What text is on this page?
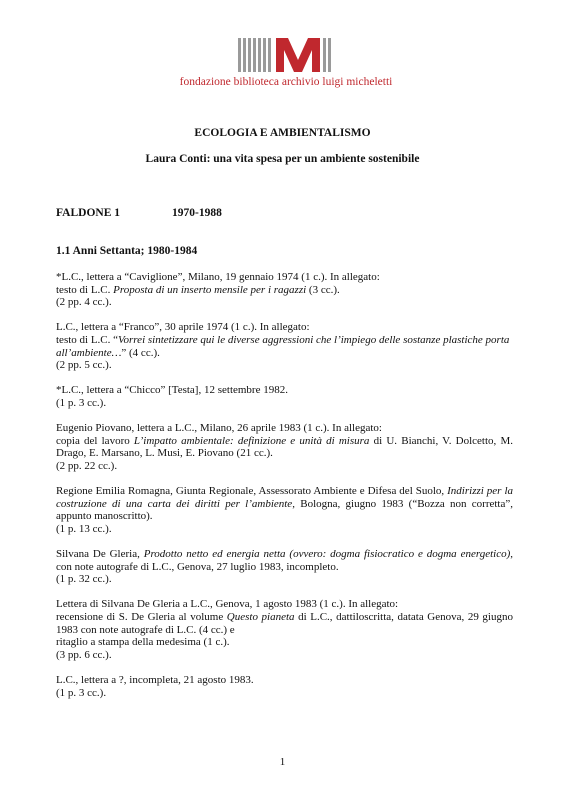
fondazione biblioteca archivio luigi micheletti
ECOLOGIA E AMBIENTALISMO
Laura Conti: una vita spesa per un ambiente sostenibile
FALDONE 1	1970-1988
1.1 Anni Settanta; 1980-1984

*L.C., lettera a “Caviglione”, Milano, 19 gennaio 1974 (1 c.). In allegato:

testo di L.C. Proposta di un inserto mensile per i ragazzi (3 cc.).

(2 pp. 4 cc.).

L.C., lettera a “Franco”, 30 aprile 1974 (1 c.). In allegato:

testo di L.C. “Vorrei sintetizzare qui le diverse aggressioni che l’impiego delle sostanze plastiche porta all’ambiente…” (4 cc.).

(2 pp. 5 cc.).

*L.C., lettera a “Chicco” [Testa], 12 settembre 1982.

(1 p. 3 cc.).

Eugenio Piovano, lettera a L.C., Milano, 26 aprile 1983 (1 c.). In allegato:

copia del lavoro L’impatto ambientale: definizione e unità di misura di U. Bianchi, V. Dolcetto, M. Drago, E. Marsano, L. Musi, E. Piovano (21 cc.).

(2 pp. 22 cc.).

Regione Emilia Romagna, Giunta Regionale, Assessorato Ambiente e Difesa del Suolo, Indirizzi per la costruzione di una carta dei diritti per l’ambiente, Bologna, giugno 1983 (“Bozza non corretta”, appunto manoscritto).

(1 p. 13 cc.).

Silvana De Gleria, Prodotto netto ed energia netta (ovvero: dogma fisiocratico e dogma energetico), con note autografe di L.C., Genova, 27 luglio 1983, incompleto.

(1 p. 32 cc.).

Lettera di Silvana De Gleria a L.C., Genova, 1 agosto 1983 (1 c.). In allegato:

recensione di S. De Gleria al volume Questo pianeta di L.C., dattiloscritta, datata Genova, 29 giugno 1983 con note autografe di L.C. (4 cc.) e

ritaglio a stampa della medesima (1 c.).

(3 pp. 6 cc.).

L.C., lettera a ?, incompleta, 21 agosto 1983.

(1 p. 3 cc.).

1
